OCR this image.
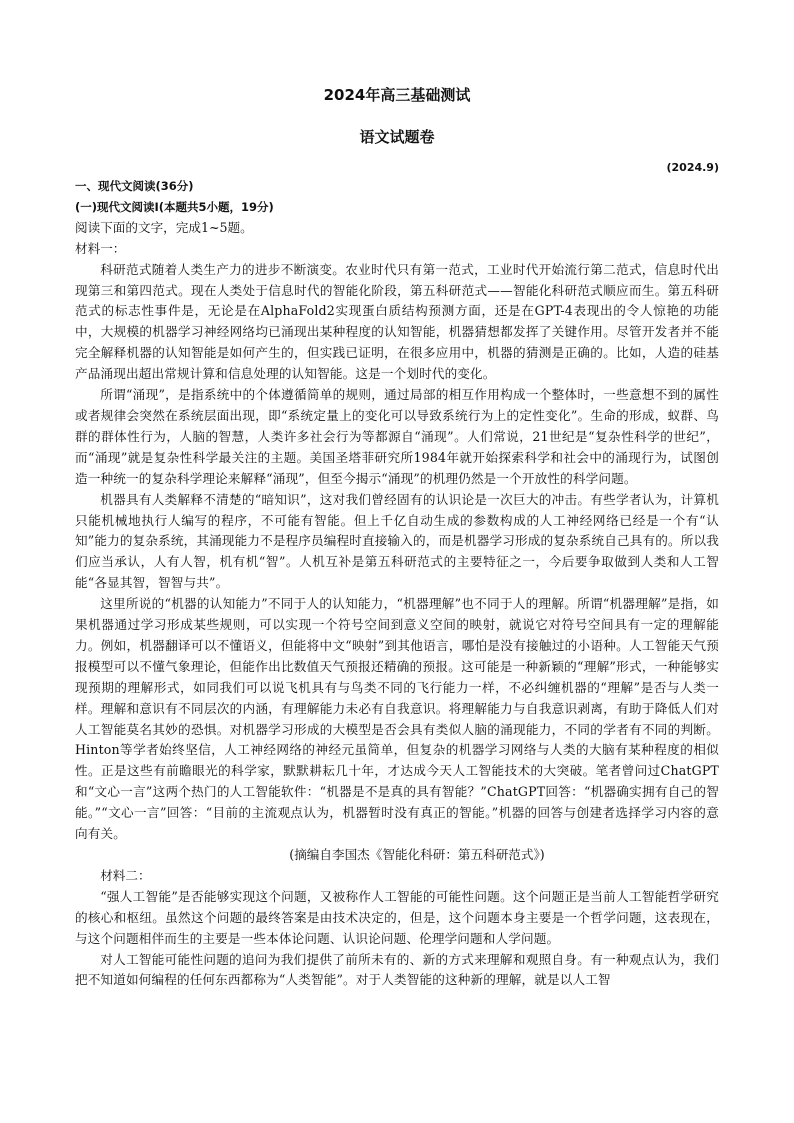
2024年高三基础测试
语文试题卷
(2024.9)

一、现代文阅读(36分)

(一)现代文阅读Ⅰ(本题共5小题，19分)

阅读下面的文字，完成1~5题。

材料一：

科研范式随着人类生产力的进步不断演变。农业时代只有第一范式，工业时代开始流行第二范式，信息时代出现第三和第四范式。现在人类处于信息时代的智能化阶段，第五科研范式——智能化科研范式顺应而生。第五科研范式的标志性事件是，无论是在AlphaFold2实现蛋白质结构预测方面，还是在GPT-4表现出的令人惊艳的功能中，大规模的机器学习神经网络均已涌现出某种程度的认知智能，机器猜想都发挥了关键作用。尽管开发者并不能完全解释机器的认知智能是如何产生的，但实践已证明，在很多应用中，机器的猜测是正确的。比如，人造的硅基产品涌现出超出常规计算和信息处理的认知智能。这是一个划时代的变化。

所谓“涌现”，是指系统中的个体遵循简单的规则，通过局部的相互作用构成一个整体时，一些意想不到的属性或者规律会突然在系统层面出现，即“系统定量上的变化可以导致系统行为上的定性变化”。生命的形成，蚁群、鸟群的群体性行为，人脑的智慧，人类许多社会行为等都源自“涌现”。人们常说，21世纪是“复杂性科学的世纪”，而“涌现”就是复杂性科学最关注的主题。美国圣塔菲研究所1984年就开始探索科学和社会中的涌现行为，试图创造一种统一的复杂科学理论来解释“涌现”，但至今揭示“涌现”的机理仍然是一个开放性的科学问题。

机器具有人类解释不清楚的“暗知识”，这对我们曾经固有的认识论是一次巨大的冲击。有些学者认为，计算机只能机械地执行人编写的程序，不可能有智能。但上千亿自动生成的参数构成的人工神经网络已经是一个有“认知”能力的复杂系统，其涌现能力不是程序员编程时直接输入的，而是机器学习形成的复杂系统自己具有的。所以我们应当承认，人有人智，机有机“智”。人机互补是第五科研范式的主要特征之一，今后要争取做到人类和人工智能“各显其智，智智与共”。

这里所说的“机器的认知能力”不同于人的认知能力，“机器理解”也不同于人的理解。所谓“机器理解”是指，如果机器通过学习形成某些规则，可以实现一个符号空间到意义空间的映射，就说它对符号空间具有一定的理解能力。例如，机器翻译可以不懂语义，但能将中文“映射”到其他语言，哪怕是没有接触过的小语种。人工智能天气预报模型可以不懂气象理论，但能作出比数值天气预报还精确的预报。这可能是一种新颖的“理解”形式，一种能够实现预期的理解形式，如同我们可以说飞机具有与鸟类不同的飞行能力一样，不必纠缠机器的“理解”是否与人类一样。理解和意识有不同层次的内涵，有理解能力未必有自我意识。将理解能力与自我意识剥离，有助于降低人们对人工智能莫名其妙的恐惧。对机器学习形成的大模型是否会具有类似人脑的涌现能力，不同的学者有不同的判断。Hinton等学者始终坚信，人工神经网络的神经元虽简单，但复杂的机器学习网络与人类的大脑有某种程度的相似性。正是这些有前瞻眼光的科学家，默默耕耘几十年，才达成今天人工智能技术的大突破。笔者曾问过ChatGPT和“文心一言”这两个热门的人工智能软件：“机器是不是真的具有智能？”ChatGPT回答：“机器确实拥有自己的智能。”“文心一言”回答：“目前的主流观点认为，机器暂时没有真正的智能。”机器的回答与创建者选择学习内容的意向有关。

(摘编自李国杰《智能化科研：第五科研范式》)

材料二：

“强人工智能”是否能够实现这个问题，又被称作人工智能的可能性问题。这个问题正是当前人工智能哲学研究的核心和枢纽。虽然这个问题的最终答案是由技术决定的，但是，这个问题本身主要是一个哲学问题，这表现在，与这个问题相伴而生的主要是一些本体论问题、认识论问题、伦理学问题和人学问题。

对人工智能可能性问题的追问为我们提供了前所未有的、新的方式来理解和观照自身。有一种观点认为，我们把不知道如何编程的任何东西都称为“人类智能”。对于人类智能的这种新的理解，就是以人工智
